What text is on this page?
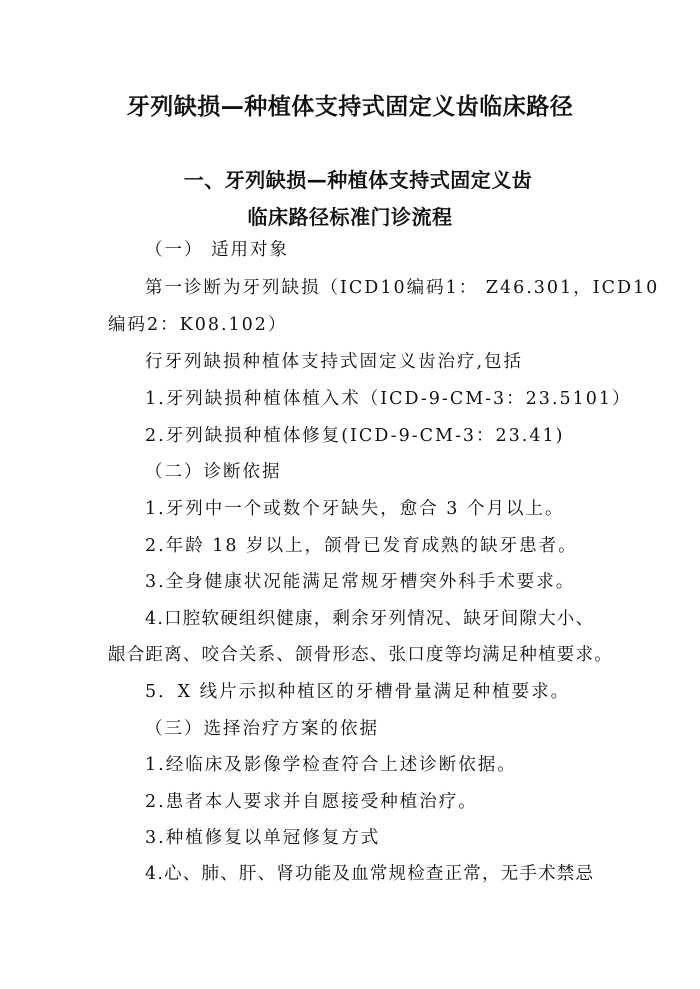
牙列缺损—种植体支持式固定义齿临床路径
一、牙列缺损—种植体支持式固定义齿
临床路径标准门诊流程
（一） 适用对象
第一诊断为牙列缺损（ICD10编码1： Z46.301，ICD10
编码2：K08.102）
行牙列缺损种植体支持式固定义齿治疗,包括
1.牙列缺损种植体植入术（ICD-9-CM-3：23.5101）
2.牙列缺损种植体修复(ICD-9-CM-3：23.41)
（二）诊断依据
1.牙列中一个或数个牙缺失，愈合 3 个月以上。
2.年龄 18 岁以上，颌骨已发育成熟的缺牙患者。
3.全身健康状况能满足常规牙槽突外科手术要求。
4.口腔软硬组织健康，剩余牙列情况、缺牙间隙大小、
龈合距离、咬合关系、颌骨形态、张口度等均满足种植要求。
5．X 线片示拟种植区的牙槽骨量满足种植要求。
（三）选择治疗方案的依据
1.经临床及影像学检查符合上述诊断依据。
2.患者本人要求并自愿接受种植治疗。
3.种植修复以单冠修复方式
4.心、肺、肝、肾功能及血常规检查正常，无手术禁忌
